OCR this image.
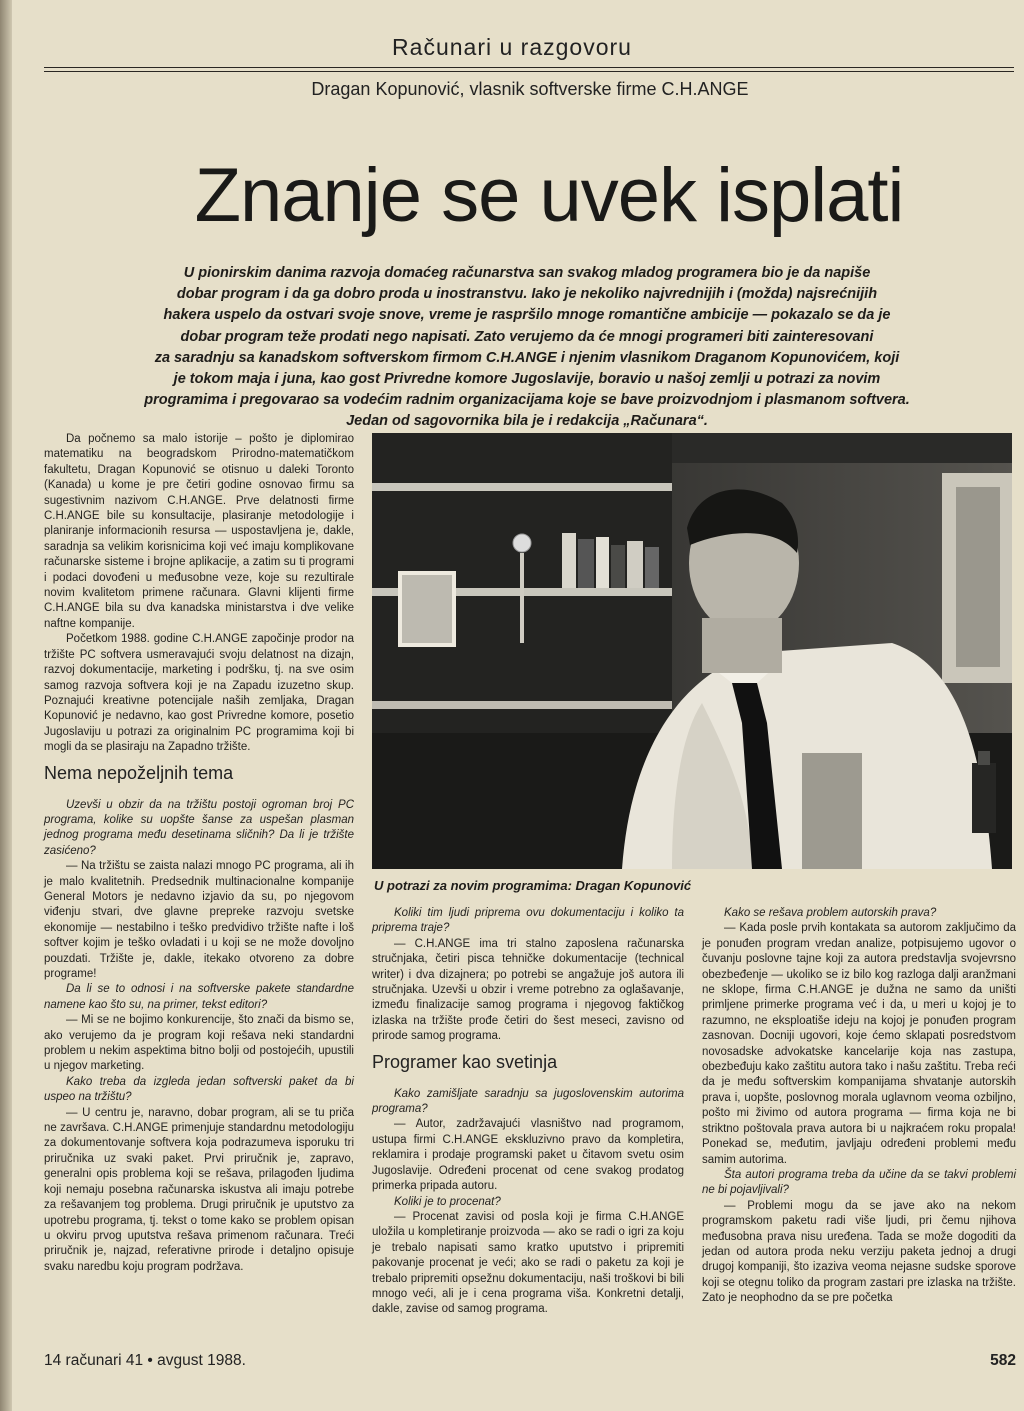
Računari u razgovoru
Dragan Kopunović, vlasnik softverske firme C.H.ANGE
Znanje se uvek isplati
U pionirskim danima razvoja domaćeg računarstva san svakog mladog programera bio je da napiše
dobar program i da ga dobro proda u inostranstvu. Iako je nekoliko najvrednijih i (možda) najsrećnijih
hakera uspelo da ostvari svoje snove, vreme je raspršilo mnoge romantične ambicije — pokazalo se da je
dobar program teže prodati nego napisati. Zato verujemo da će mnogi programeri biti zainteresovani
za saradnju sa kanadskom softverskom firmom C.H.ANGE i njenim vlasnikom Draganom Kopunovićem, koji
je tokom maja i juna, kao gost Privredne komore Jugoslavije, boravio u našoj zemlji u potrazi za novim
programima i pregovarao sa vodećim radnim organizacijama koje se bave proizvodnjom i plasmanom softvera.
Jedan od sagovornika bila je i redakcija „Računara“.

Da počnemo sa malo istorije – pošto je diplomirao matematiku na beogradskom Prirodno-matematičkom fakultetu, Dragan Kopunović se otisnuo u daleki Toronto (Kanada) u kome je pre četiri godine osnovao firmu sa sugestivnim nazivom C.H.ANGE. Prve delatnosti firme C.H.ANGE bile su konsultacije, plasiranje metodologije i planiranje informacionih resursa — uspostavljena je, dakle, saradnja sa velikim korisnicima koji već imaju komplikovane računarske sisteme i brojne aplikacije, a zatim su ti programi i podaci dovođeni u međusobne veze, koje su rezultirale novim kvalitetom primene računara. Glavni klijenti firme C.H.ANGE bila su dva kanadska ministarstva i dve velike naftne kompanije.

Početkom 1988. godine C.H.ANGE započinje prodor na tržište PC softvera usmeravajući svoju delatnost na dizajn, razvoj dokumentacije, marketing i podršku, tj. na sve osim samog razvoja softvera koji je na Zapadu izuzetno skup. Poznajući kreativne potencijale naših zemljaka, Dragan Kopunović je nedavno, kao gost Privredne komore, posetio Jugoslaviju u potrazi za originalnim PC programima koji bi mogli da se plasiraju na Zapadno tržište.

Nema nepoželjnih tema

Uzevši u obzir da na tržištu postoji ogroman broj PC programa, kolike su uopšte šanse za uspešan plasman jednog programa među desetinama sličnih? Da li je tržište zasićeno?

— Na tržištu se zaista nalazi mnogo PC programa, ali ih je malo kvalitetnih. Predsednik multinacionalne kompanije General Motors je nedavno izjavio da su, po njegovom viđenju stvari, dve glavne prepreke razvoju svetske ekonomije — nestabilno i teško predvidivo tržište nafte i loš softver kojim je teško ovladati i u koji se ne može dovoljno pouzdati. Tržište je, dakle, itekako otvoreno za dobre programe!

Da li se to odnosi i na softverske pakete standardne namene kao što su, na primer, tekst editori?

— Mi se ne bojimo konkurencije, što znači da bismo se, ako verujemo da je program koji rešava neki standardni problem u nekim aspektima bitno bolji od postojećih, upustili u njegov marketing.

Kako treba da izgleda jedan softverski paket da bi uspeo na tržištu?

— U centru je, naravno, dobar program, ali se tu priča ne završava. C.H.ANGE primenjuje standardnu metodologiju za dokumentovanje softvera koja podrazumeva isporuku tri priručnika uz svaki paket. Prvi priručnik je, zapravo, generalni opis problema koji se rešava, prilagođen ljudima koji nemaju posebna računarska iskustva ali imaju potrebe za rešavanjem tog problema. Drugi priručnik je uputstvo za upotrebu programa, tj. tekst o tome kako se problem opisan u okviru prvog uputstva rešava primenom računara. Treći priručnik je, najzad, referativne prirode i detaljno opisuje svaku naredbu koju program podržava.

U potrazi za novim programima: Dragan Kopunović

Koliki tim ljudi priprema ovu dokumentaciju i koliko ta priprema traje?

— C.H.ANGE ima tri stalno zaposlena računarska stručnjaka, četiri pisca tehničke dokumentacije (technical writer) i dva dizajnera; po potrebi se angažuje još autora ili stručnjaka. Uzevši u obzir i vreme potrebno za oglašavanje, između finalizacije samog programa i njegovog faktičkog izlaska na tržište prođe četiri do šest meseci, zavisno od prirode samog programa.

Programer kao svetinja

Kako zamišljate saradnju sa jugoslovenskim autorima programa?

— Autor, zadržavajući vlasništvo nad programom, ustupa firmi C.H.ANGE ekskluzivno pravo da kompletira, reklamira i prodaje programski paket u čitavom svetu osim Jugoslavije. Određeni procenat od cene svakog prodatog primerka pripada autoru.

Koliki je to procenat?

— Procenat zavisi od posla koji je firma C.H.ANGE uložila u kompletiranje proizvoda — ako se radi o igri za koju je trebalo napisati samo kratko uputstvo i pripremiti pakovanje procenat je veći; ako se radi o paketu za koji je trebalo pripremiti opsežnu dokumentaciju, naši troškovi bi bili mnogo veći, ali je i cena programa viša. Konkretni detalji, dakle, zavise od samog programa.

Kako se rešava problem autorskih prava?

— Kada posle prvih kontakata sa autorom zaključimo da je ponuđen program vredan analize, potpisujemo ugovor o čuvanju poslovne tajne koji za autora predstavlja svojevrsno obezbeđenje — ukoliko se iz bilo kog razloga dalji aranžmani ne sklope, firma C.H.ANGE je dužna ne samo da uništi primljene primerke programa već i da, u meri u kojoj je to razumno, ne eksploatiše ideju na kojoj je ponuđen program zasnovan. Docniji ugovori, koje ćemo sklapati posredstvom novosadske advokatske kancelarije koja nas zastupa, obezbeđuju kako zaštitu autora tako i našu zaštitu. Treba reći da je među softverskim kompanijama shvatanje autorskih prava i, uopšte, poslovnog morala uglavnom veoma ozbiljno, pošto mi živimo od autora programa — firma koja ne bi striktno poštovala prava autora bi u najkraćem roku propala! Ponekad se, međutim, javljaju određeni problemi među samim autorima.

Šta autori programa treba da učine da se takvi problemi ne bi pojavljivali?

— Problemi mogu da se jave ako na nekom programskom paketu radi više ljudi, pri čemu njihova međusobna prava nisu uređena. Tada se može dogoditi da jedan od autora proda neku verziju paketa jednoj a drugi drugoj kompaniji, što izaziva veoma nejasne sudske sporove koji se otegnu toliko da program zastari pre izlaska na tržište. Zato je neophodno da se pre početka

14 računari 41 • avgust 1988.	582
